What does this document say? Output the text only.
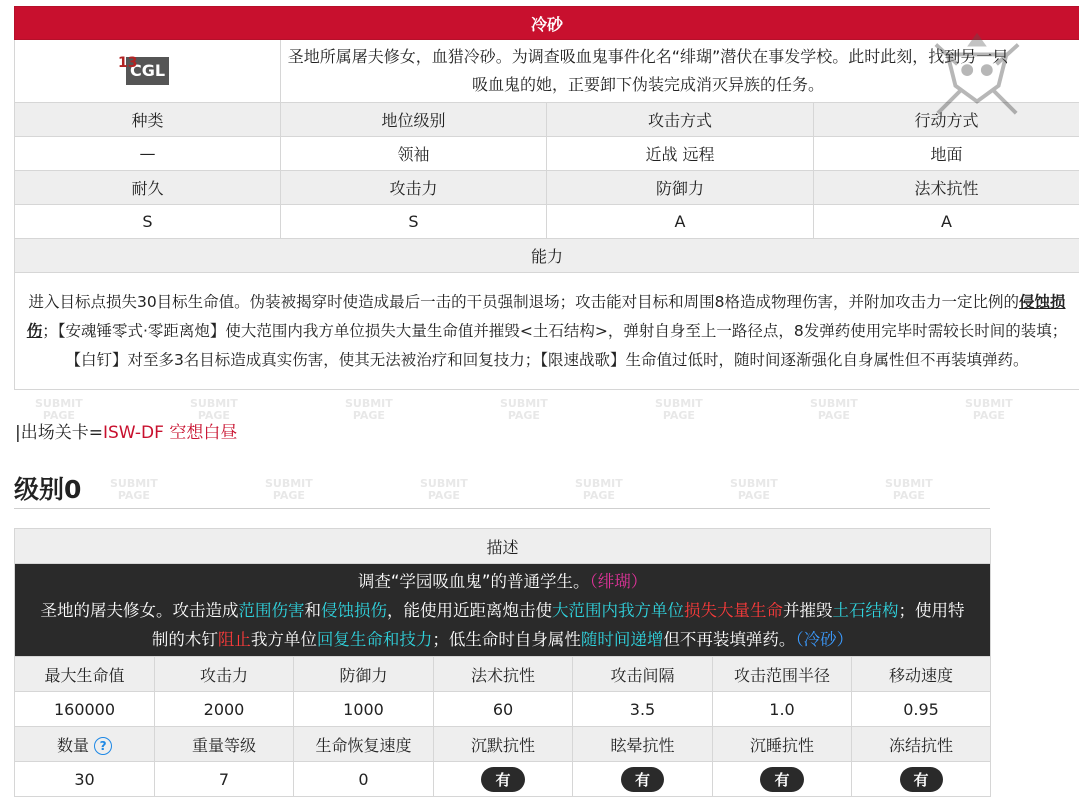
SUBMIT
PAGE
SUBMIT
PAGE
SUBMIT
PAGE
SUBMIT
PAGE
SUBMIT
PAGE
SUBMIT
PAGE
SUBMIT
PAGE
SUBMIT
PAGE
SUBMIT
PAGE
SUBMIT
PAGE
SUBMIT
PAGE
SUBMIT
PAGE
SUBMIT
PAGE
冷砂			

13
CGL	圣地所属屠夫修女，血猎冷砂。为调查吸血鬼事件化名“绯瑚”潜伏在事发学校。此时此刻，找到另一只吸血鬼的她，正要卸下伪装完成消灭异族的任务。		
种类	地位级别	攻击方式	行动方式
—	领袖	近战 远程	地面
耐久	攻击力	防御力	法术抗性
S	S	A	A
能力			
进入目标点损失30目标生命值。伪装被揭穿时使造成最后一击的干员强制退场；攻击能对目标和周围8格造成物理伤害，并附加攻击力一定比例的侵蚀损伤；【安魂锤零式·零距离炮】使大范围内我方单位损失大量生命值并摧毁<土石结构>，弹射自身至上一路径点，8发弹药使用完毕时需较长时间的装填；【白钉】对至多3名目标造成真实伤害，使其无法被治疗和回复技力；【限速战歌】生命值过低时，随时间逐渐强化自身属性但不再装填弹药。			
|出场关卡=ISW-DF 空想白昼
级别0
描述						

调查“学园吸血鬼”的普通学生。（绯瑚）
圣地的屠夫修女。攻击造成范围伤害和侵蚀损伤，能使用近距离炮击使大范围内我方单位损失大量生命并摧毁土石结构；使用特制的木钉阻止我方单位回复生命和技力；低生命时自身属性随时间递增但不再装填弹药。（冷砂）						

最大生命值	攻击力	防御力	法术抗性	攻击间隔	攻击范围半径	移动速度
160000	2000	1000	60	3.5	1.0	0.95
数量 ?	重量等级	生命恢复速度	沉默抗性	眩晕抗性	沉睡抗性	冻结抗性
30	7	0	有	有	有	有
